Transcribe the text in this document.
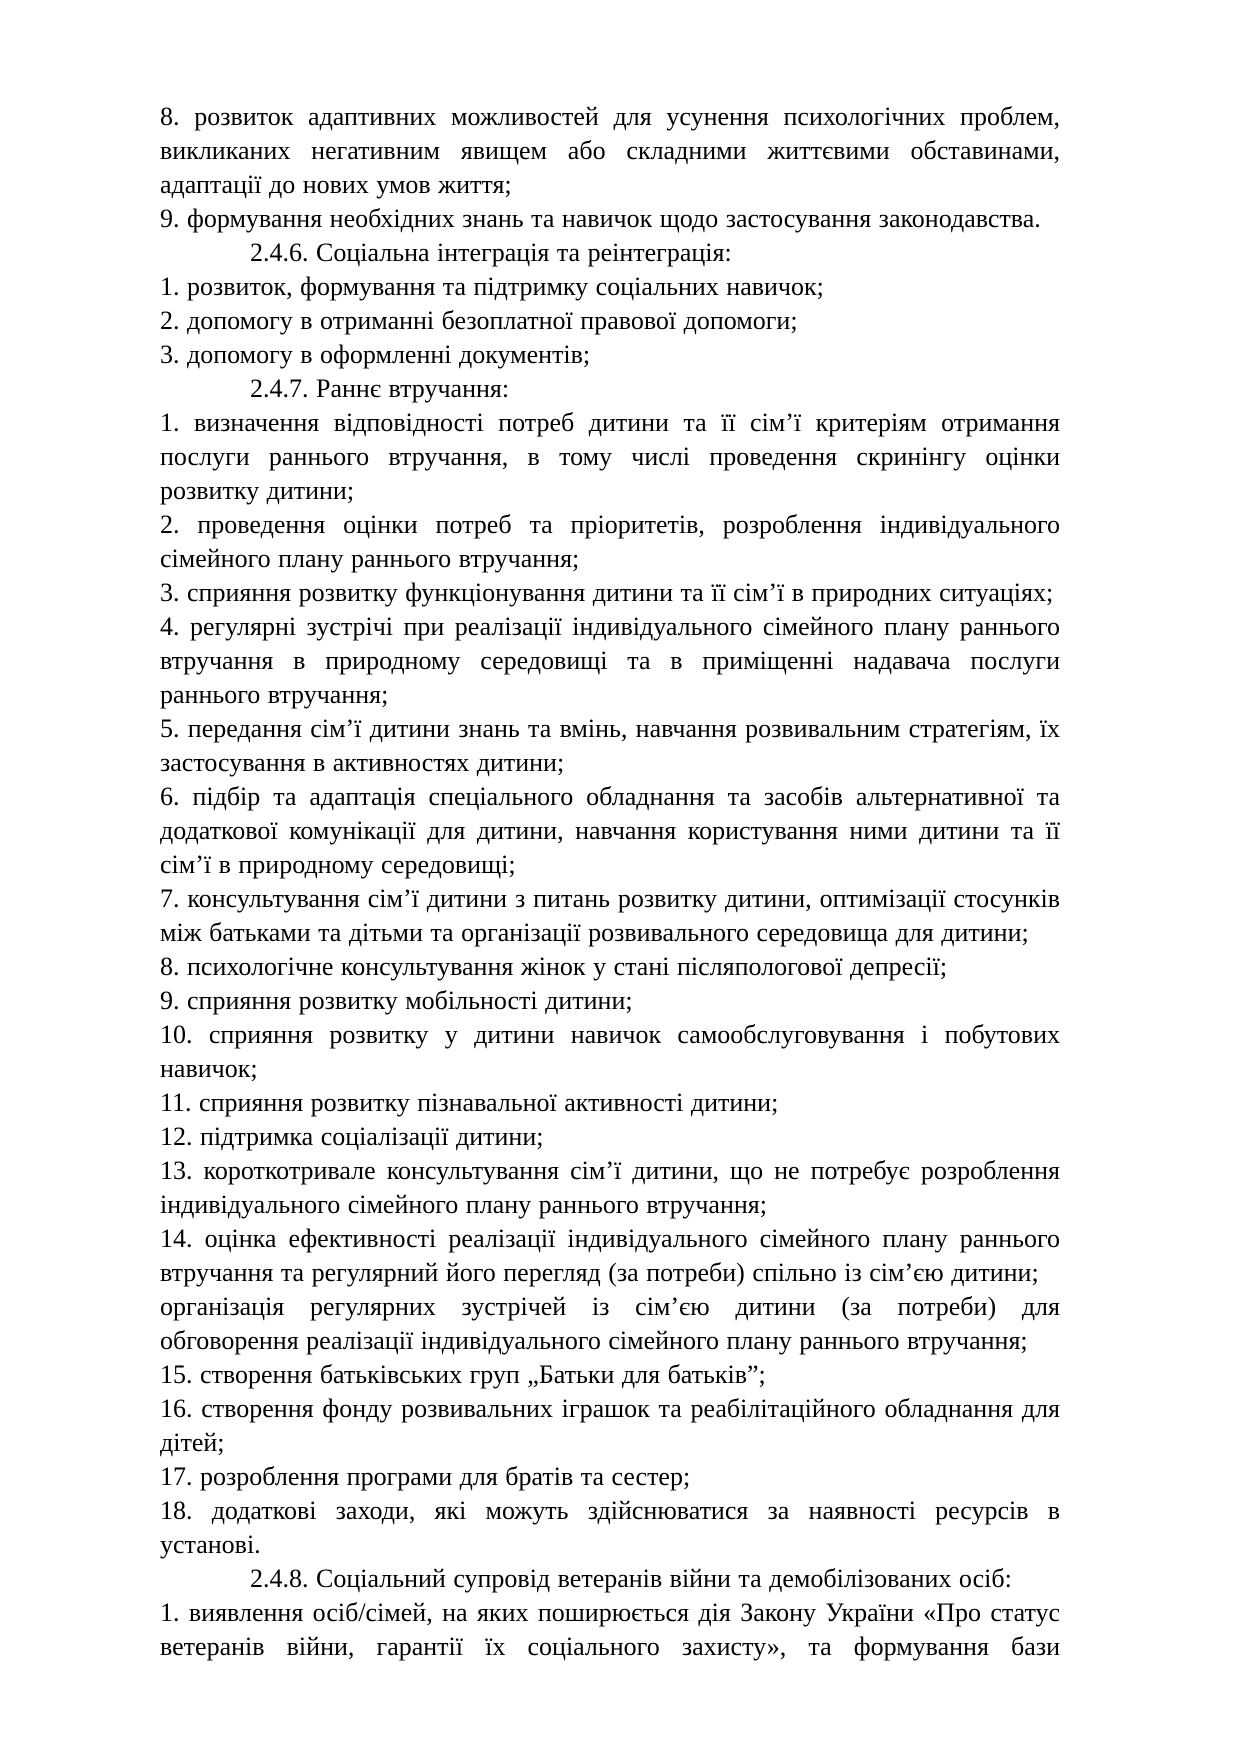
8. розвиток адаптивних можливостей для усунення психологічних проблем, викликаних негативним явищем або складними життєвими обставинами, адаптації до нових умов життя;

9. формування необхідних знань та навичок щодо застосування законодавства.

2.4.6. Соціальна інтеграція та реінтеграція:

1. розвиток, формування та підтримку соціальних навичок;

2. допомогу в отриманні безоплатної правової допомоги;

3. допомогу в оформленні документів;

2.4.7. Раннє втручання:

1. визначення відповідності потреб дитини та її сім’ї критеріям отримання послуги раннього втручання, в тому числі проведення скринінгу оцінки розвитку дитини;

2. проведення оцінки потреб та пріоритетів, розроблення індивідуального сімейного плану раннього втручання;

3. сприяння розвитку функціонування дитини та її сім’ї в природних ситуаціях;

4. регулярні зустрічі при реалізації індивідуального сімейного плану раннього втручання в природному середовищі та в приміщенні надавача послуги раннього втручання;

5. передання сім’ї дитини знань та вмінь, навчання розвивальним стратегіям, їх застосування в активностях дитини;

6. підбір та адаптація спеціального обладнання та засобів альтернативної та додаткової комунікації для дитини, навчання користування ними дитини та її сім’ї в природному середовищі;

7. консультування сім’ї дитини з питань розвитку дитини, оптимізації стосунків між батьками та дітьми та організації розвивального середовища для дитини;

8. психологічне консультування жінок у стані післяпологової депресії;

9. сприяння розвитку мобільності дитини;

10. сприяння розвитку у дитини навичок самообслуговування і побутових навичок;

11. сприяння розвитку пізнавальної активності дитини;

12. підтримка соціалізації дитини;

13. короткотривале консультування сім’ї дитини, що не потребує розроблення індивідуального сімейного плану раннього втручання;

14. оцінка ефективності реалізації індивідуального сімейного плану раннього втручання та регулярний його перегляд (за потреби) спільно із сім’єю дитини;

організація регулярних зустрічей із сім’єю дитини (за потреби) для обговорення реалізації індивідуального сімейного плану раннього втручання;

15. створення батьківських груп „Батьки для батьків”;

16. створення фонду розвивальних іграшок та реабілітаційного обладнання для дітей;

17. розроблення програми для братів та сестер;

18. додаткові заходи, які можуть здійснюватися за наявності ресурсів в установі.

2.4.8. Соціальний супровід ветеранів війни та демобілізованих осіб:

1. виявлення осіб/сімей, на яких поширюється дія Закону України «Про статус ветеранів війни, гарантії їх соціального захисту», та формування бази
